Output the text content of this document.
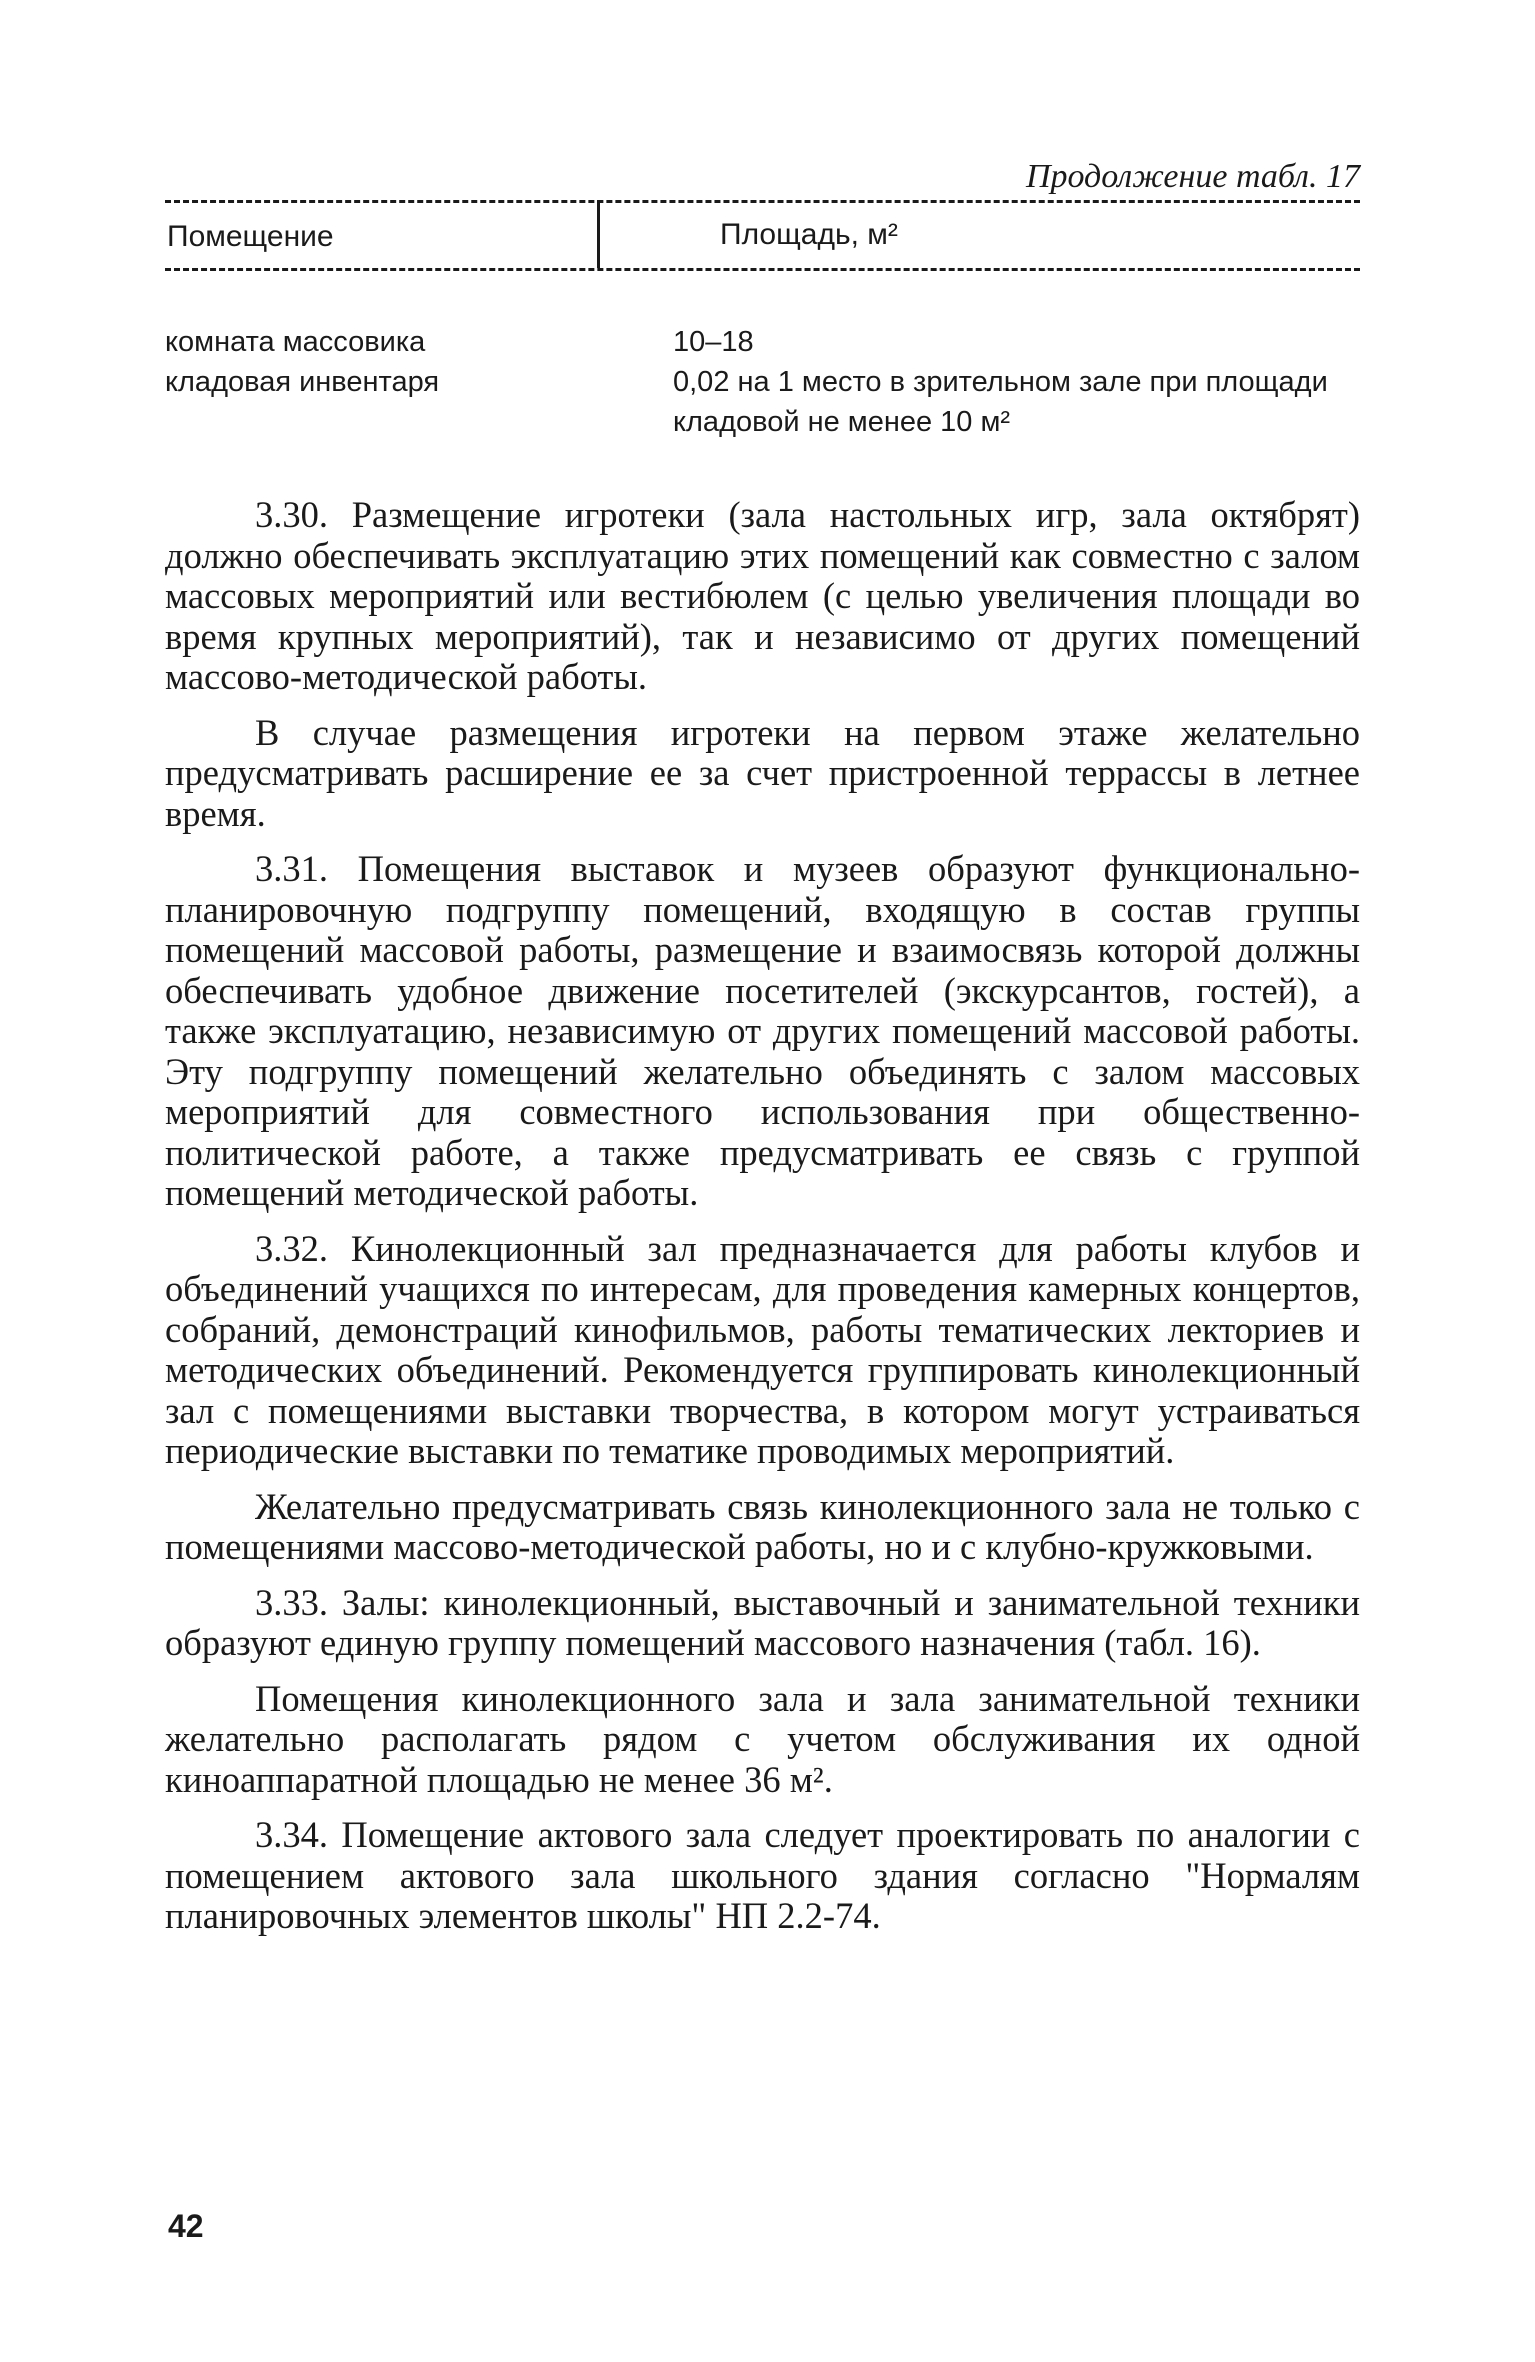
Продолжение табл. 17
Помещение	Площадь, м²
комната массовика	10–18
кладовая инвентаря	0,02 на 1 место в зрительном зале при площади кладовой не менее 10 м²

3.30. Размещение игротеки (зала настольных игр, зала октябрят) должно обеспечивать эксплуатацию этих помещений как совместно с залом массовых мероприятий или вестибюлем (с целью увеличения площади во время крупных мероприятий), так и независимо от других помещений массово-методической работы.

В случае размещения игротеки на первом этаже желательно предусматривать расширение ее за счет пристроенной террассы в летнее время.

3.31. Помещения выставок и музеев образуют функционально-планировочную подгруппу помещений, входящую в состав группы помещений массовой работы, размещение и взаимосвязь которой должны обеспечивать удобное движение посетителей (экскурсантов, гостей), а также эксплуатацию, независимую от других помещений массовой работы. Эту подгруппу помещений желательно объединять с залом массовых мероприятий для совместного использования при общественно-политической работе, а также предусматривать ее связь с группой помещений методической работы.

3.32. Кинолекционный зал предназначается для работы клубов и объединений учащихся по интересам, для проведения камерных концертов, собраний, демонстраций кинофильмов, работы тематических лекториев и методических объединений. Рекомендуется группировать кинолекционный зал с помещениями выставки творчества, в котором могут устраиваться периодические выставки по тематике проводимых мероприятий.

Желательно предусматривать связь кинолекционного зала не только с помещениями массово-методической работы, но и с клубно-кружковыми.

3.33. Залы: кинолекционный, выставочный и занимательной техники образуют единую группу помещений массового назначения (табл. 16).

Помещения кинолекционного зала и зала занимательной техники желательно располагать рядом с учетом обслуживания их одной киноаппаратной площадью не менее 36 м².

3.34. Помещение актового зала следует проектировать по аналогии с помещением актового зала школьного здания согласно "Нормалям планировочных элементов школы" НП 2.2-74.

42
